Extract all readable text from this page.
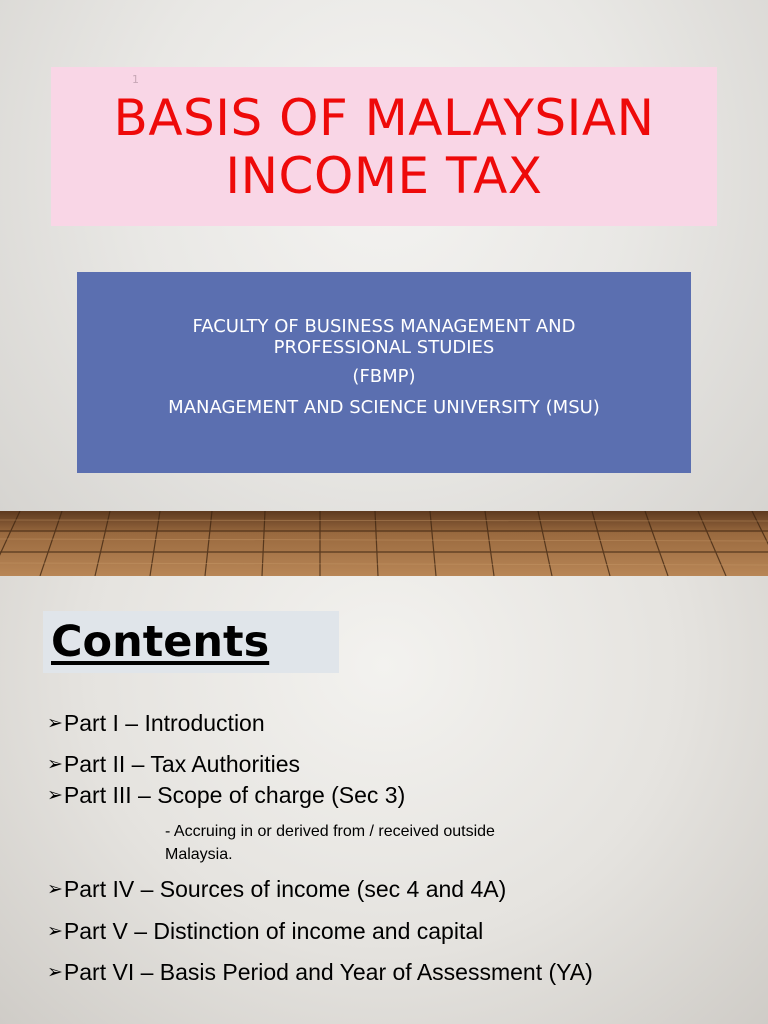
1
BASIS OF MALAYSIAN
INCOME TAX
FACULTY OF BUSINESS MANAGEMENT AND
PROFESSIONAL STUDIES
(FBMP)
MANAGEMENT AND SCIENCE UNIVERSITY (MSU)
Contents
➢Part I – Introduction
➢Part II – Tax Authorities
➢Part III – Scope of charge (Sec 3)
- Accruing in or derived from / received outside
Malaysia.
➢Part IV – Sources of income (sec 4 and 4A)
➢Part V – Distinction of income and capital
➢Part VI – Basis Period and Year of Assessment (YA)
